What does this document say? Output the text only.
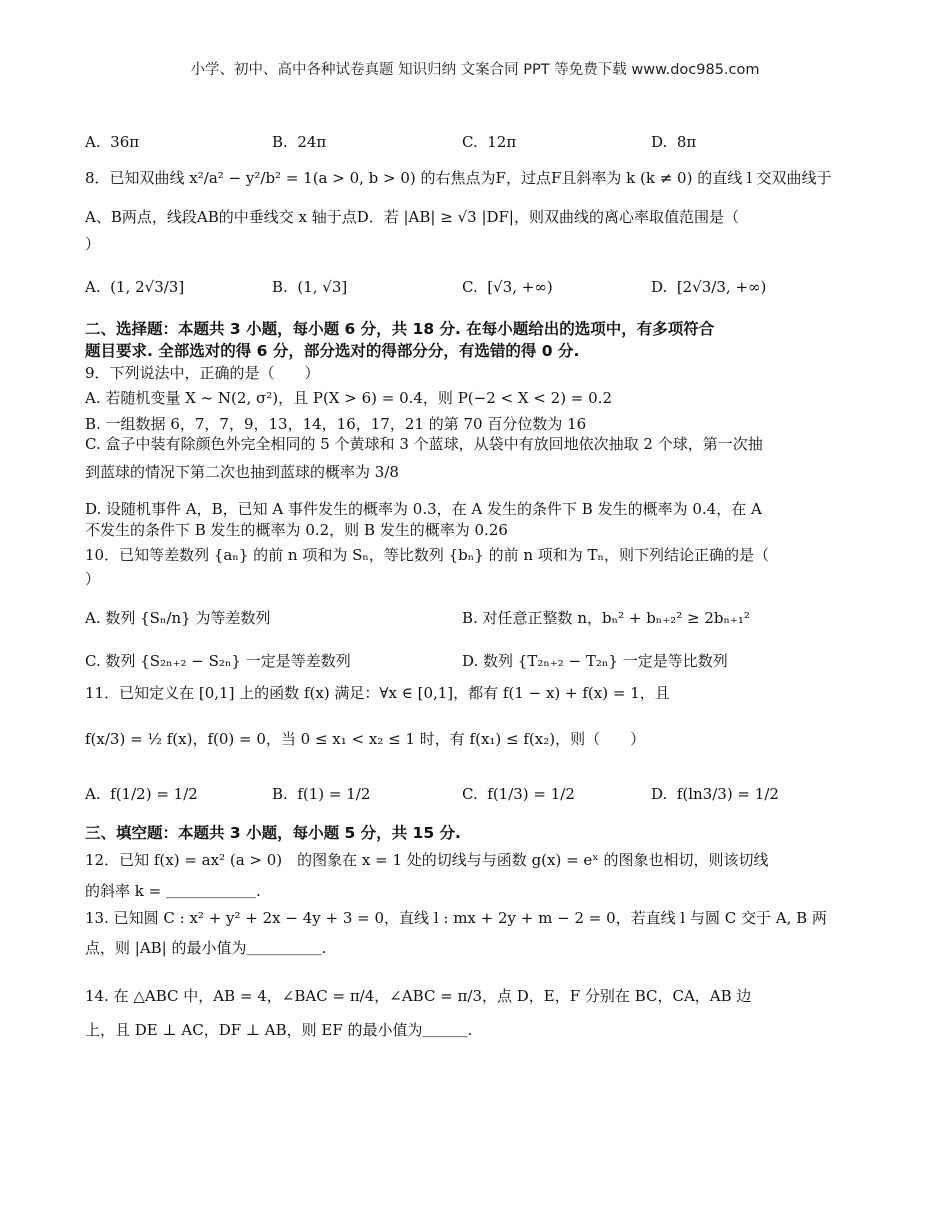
小学、初中、高中各种试卷真题 知识归纳 文案合同 PPT 等免费下载 www.doc985.com
A. 36π	B. 24π	C. 12π	D. 8π
8．已知双曲线 x²/a² − y²/b² = 1(a > 0, b > 0) 的右焦点为F，过点F且斜率为 k (k ≠ 0) 的直线 l 交双曲线于
A、B两点，线段AB的中垂线交 x 轴于点D．若 |AB| ≥ √3 |DF|，则双曲线的离心率取值范围是（
）
A. (1, 2√3/3]	B. (1, √3]	C. [√3, +∞)	D. [2√3/3, +∞)
二、选择题：本题共 3 小题，每小题 6 分，共 18 分. 在每小题给出的选项中，有多项符合
题目要求. 全部选对的得 6 分，部分选对的得部分分，有选错的得 0 分.
9．下列说法中，正确的是（　　）
A. 若随机变量 X ~ N(2, σ²)，且 P(X > 6) = 0.4，则 P(−2 < X < 2) = 0.2
B. 一组数据 6，7，7，9，13，14，16，17，21 的第 70 百分位数为 16
C. 盒子中装有除颜色外完全相同的 5 个黄球和 3 个蓝球，从袋中有放回地依次抽取 2 个球，第一次抽
到蓝球的情况下第二次也抽到蓝球的概率为 3/8
D. 设随机事件 A，B，已知 A 事件发生的概率为 0.3，在 A 发生的条件下 B 发生的概率为 0.4，在 A
不发生的条件下 B 发生的概率为 0.2，则 B 发生的概率为 0.26
10．已知等差数列 {aₙ} 的前 n 项和为 Sₙ，等比数列 {bₙ} 的前 n 项和为 Tₙ，则下列结论正确的是（
）
A. 数列 {Sₙ/n} 为等差数列	B. 对任意正整数 n，bₙ² + bₙ₊₂² ≥ 2bₙ₊₁²
C. 数列 {S₂ₙ₊₂ − S₂ₙ} 一定是等差数列	D. 数列 {T₂ₙ₊₂ − T₂ₙ} 一定是等比数列
11．已知定义在 [0,1] 上的函数 f(x) 满足：∀x ∈ [0,1]，都有 f(1 − x) + f(x) = 1，且
f(x/3) = ½ f(x)，f(0) = 0，当 0 ≤ x₁ < x₂ ≤ 1 时，有 f(x₁) ≤ f(x₂)，则（　　）
A. f(1/2) = 1/2	B. f(1) = 1/2	C. f(1/3) = 1/2	D. f(ln3/3) = 1/2
三、填空题：本题共 3 小题，每小题 5 分，共 15 分.
12．已知 f(x) = ax² (a > 0)　的图象在 x = 1 处的切线与与函数 g(x) = eˣ 的图象也相切，则该切线
的斜率 k = ＿＿＿＿＿＿.
13. 已知圆 C : x² + y² + 2x − 4y + 3 = 0，直线 l : mx + 2y + m − 2 = 0，若直线 l 与圆 C 交于 A, B 两
点，则 |AB| 的最小值为＿＿＿＿＿.
14. 在 △ABC 中，AB = 4，∠BAC = π/4，∠ABC = π/3，点 D，E，F 分别在 BC，CA，AB 边
上，且 DE ⊥ AC，DF ⊥ AB，则 EF 的最小值为＿＿＿.
